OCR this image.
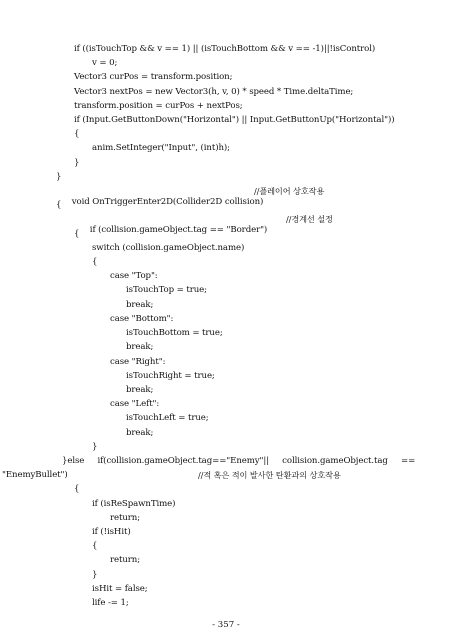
if ((isTouchTop && v == 1) || (isTouchBottom && v == -1)||!isControl)
v = 0;
Vector3 curPos = transform.position;
Vector3 nextPos = new Vector3(h, v, 0) * speed * Time.deltaTime;
transform.position = curPos + nextPos;
if (Input.GetButtonDown("Horizontal") || Input.GetButtonUp("Horizontal"))
{
anim.SetInteger("Input", (int)h);
}
}

void OnTriggerEnter2D(Collider2D collision)

//플레이어 상호작용

{

if (collision.gameObject.tag == "Border")

//경계선 설정

{
switch (collision.gameObject.name)
{
case "Top":
isTouchTop = true;
break;
case "Bottom":
isTouchBottom = true;
break;
case "Right":
isTouchRight = true;
break;
case "Left":
isTouchLeft = true;
break;
}
}else     if(collision.gameObject.tag=="Enemy"||     collision.gameObject.tag     ==
"EnemyBullet")	//적 혹은 적이 발사한 탄환과의 상호작용
{
if (isReSpawnTime)
return;
if (!isHit)
{
return;
}
isHit = false;
life -= 1;
- 357 -
